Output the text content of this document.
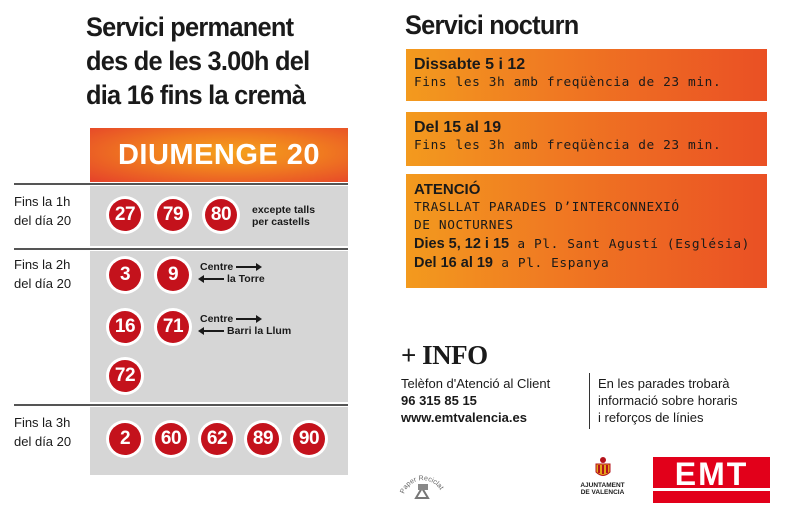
Servici permanent
des de les 3.00h del
dia 16 fins la cremà
DIUMENGE 20
Fins la 1h
del día 20	27	79	80	excepte talls
per castells
Fins la 2h
del día 20	3	9	Centre
la Torre
16	71	Centre
Barri la Llum
72
Fins la 3h
del día 20	2	60	62	89	90
Servici nocturn
Dissabte 5 i 12
Fins les 3h amb freqüència de 23 min.
Del 15 al 19
Fins les 3h amb freqüència de 23 min.
ATENCIÓ
TRASLLAT PARADES D’INTERCONNEXIÓ
DE NOCTURNES
Dies 5, 12 i 15 a Pl. Sant Agustí (Església)
Del 16 al 19 a Pl. Espanya
+ INFO
Telèfon d'Atenció al Client
96 315 85 15
www.emtvalencia.es
En les parades trobarà
informació sobre horaris
i reforços de línies
Paper Reciclat	AJUNTAMENT
DE VALENCIA
EMT
